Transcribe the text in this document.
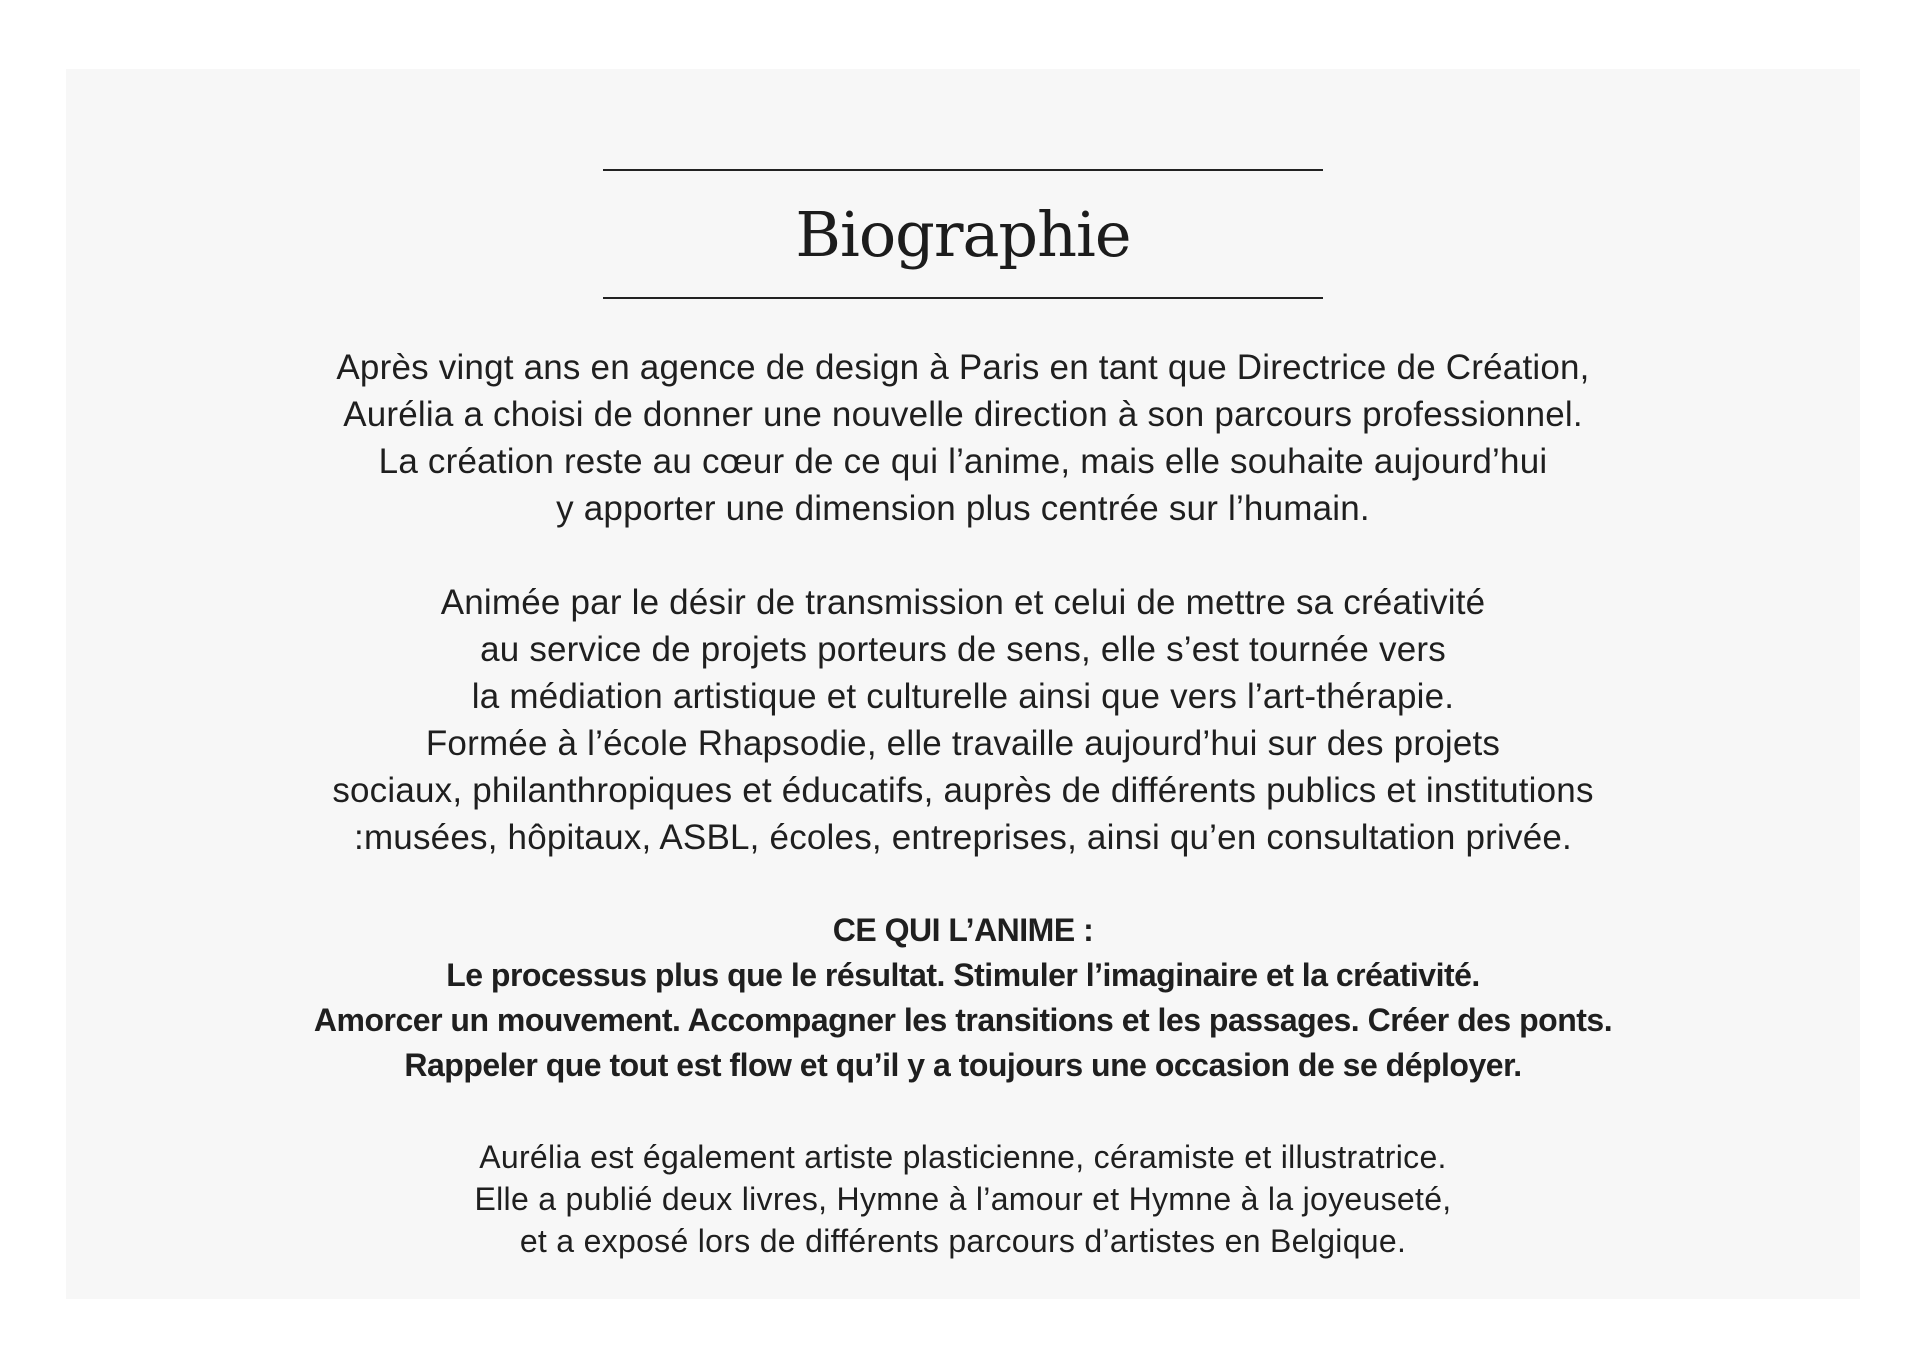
Biographie

Après vingt ans en agence de design à Paris en tant que Directrice de Création,
Aurélia a choisi de donner une nouvelle direction à son parcours professionnel.
La création reste au cœur de ce qui l’anime, mais elle souhaite aujourd’hui
y apporter une dimension plus centrée sur l’humain.

Animée par le désir de transmission et celui de mettre sa créativité
au service de projets porteurs de sens, elle s’est tournée vers
la médiation artistique et culturelle ainsi que vers l’art-thérapie.
Formée à l’école Rhapsodie, elle travaille aujourd’hui sur des projets
sociaux, philanthropiques et éducatifs, auprès de différents publics et institutions
:musées, hôpitaux, ASBL, écoles, entreprises, ainsi qu’en consultation privée.

CE QUI L’ANIME :
Le processus plus que le résultat. Stimuler l’imaginaire et la créativité.
Amorcer un mouvement. Accompagner les transitions et les passages. Créer des ponts.
Rappeler que tout est flow et qu’il y a toujours une occasion de se déployer.

Aurélia est également artiste plasticienne, céramiste et illustratrice.
Elle a publié deux livres, Hymne à l’amour et Hymne à la joyeuseté,
et a exposé lors de différents parcours d’artistes en Belgique.
